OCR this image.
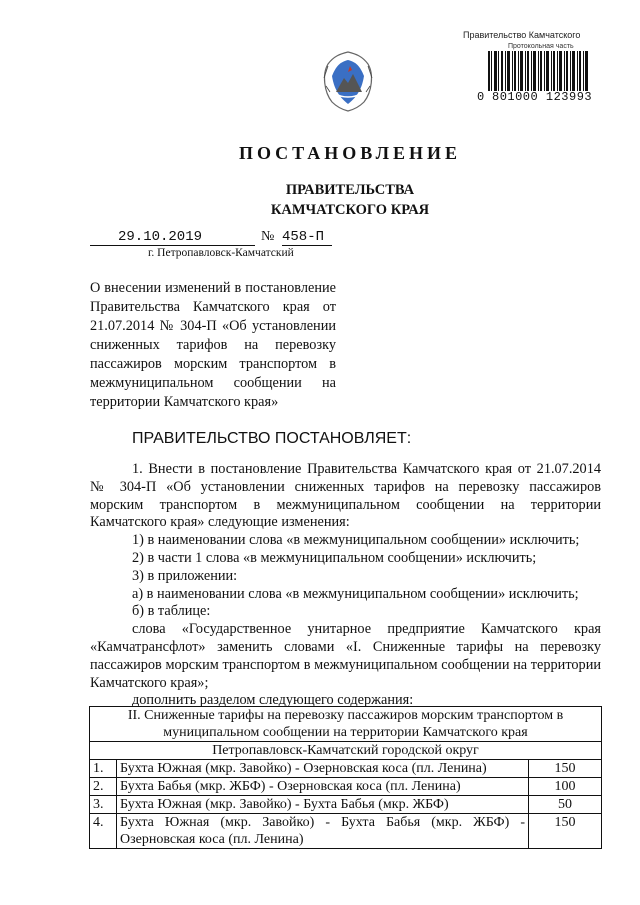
Правительство Камчатского
Протокольная часть
0 801000 123993
ПОСТАНОВЛЕНИЕ
ПРАВИТЕЛЬСТВА
КАМЧАТСКОГО КРАЯ
29.10.2019	№ 458-П
г. Петропавловск-Камчатский
О внесении изменений в постановление Правительства Камчатского края от 21.07.2014 № 304-П «Об установлении сниженных тарифов на перевозку пассажиров морским транспортом в межмуниципальном сообщении на территории Камчатского края»
ПРАВИТЕЛЬСТВО ПОСТАНОВЛЯЕТ:

1. Внести в постановление Правительства Камчатского края от 21.07.2014 № 304-П «Об установлении сниженных тарифов на перевозку пассажиров морским транспортом в межмуниципальном сообщении на территории Камчатского края» следующие изменения:

1) в наименовании слова «в межмуниципальном сообщении» исключить;

2) в части 1 слова «в межмуниципальном сообщении» исключить;

3) в приложении:

а) в наименовании слова «в межмуниципальном сообщении» исключить;

б) в таблице:

слова «Государственное унитарное предприятие Камчатского края «Камчатрансфлот» заменить словами «I. Сниженные тарифы на перевозку пассажиров морским транспортом в межмуниципальном сообщении на территории Камчатского края»;

дополнить разделом следующего содержания:

II. Сниженные тарифы на перевозку пассажиров морским транспортом в муниципальном сообщении на территории Камчатского края		
Петропавловск-Камчатский городской округ		
1.	Бухта Южная (мкр. Завойко) - Озерновская коса (пл. Ленина)	150
2.	Бухта Бабья (мкр. ЖБФ) - Озерновская коса (пл. Ленина)	100
3.	Бухта Южная (мкр. Завойко) - Бухта Бабья (мкр. ЖБФ)	50
4.	Бухта Южная (мкр. Завойко) - Бухта Бабья (мкр. ЖБФ) - Озерновская коса (пл. Ленина)	150
